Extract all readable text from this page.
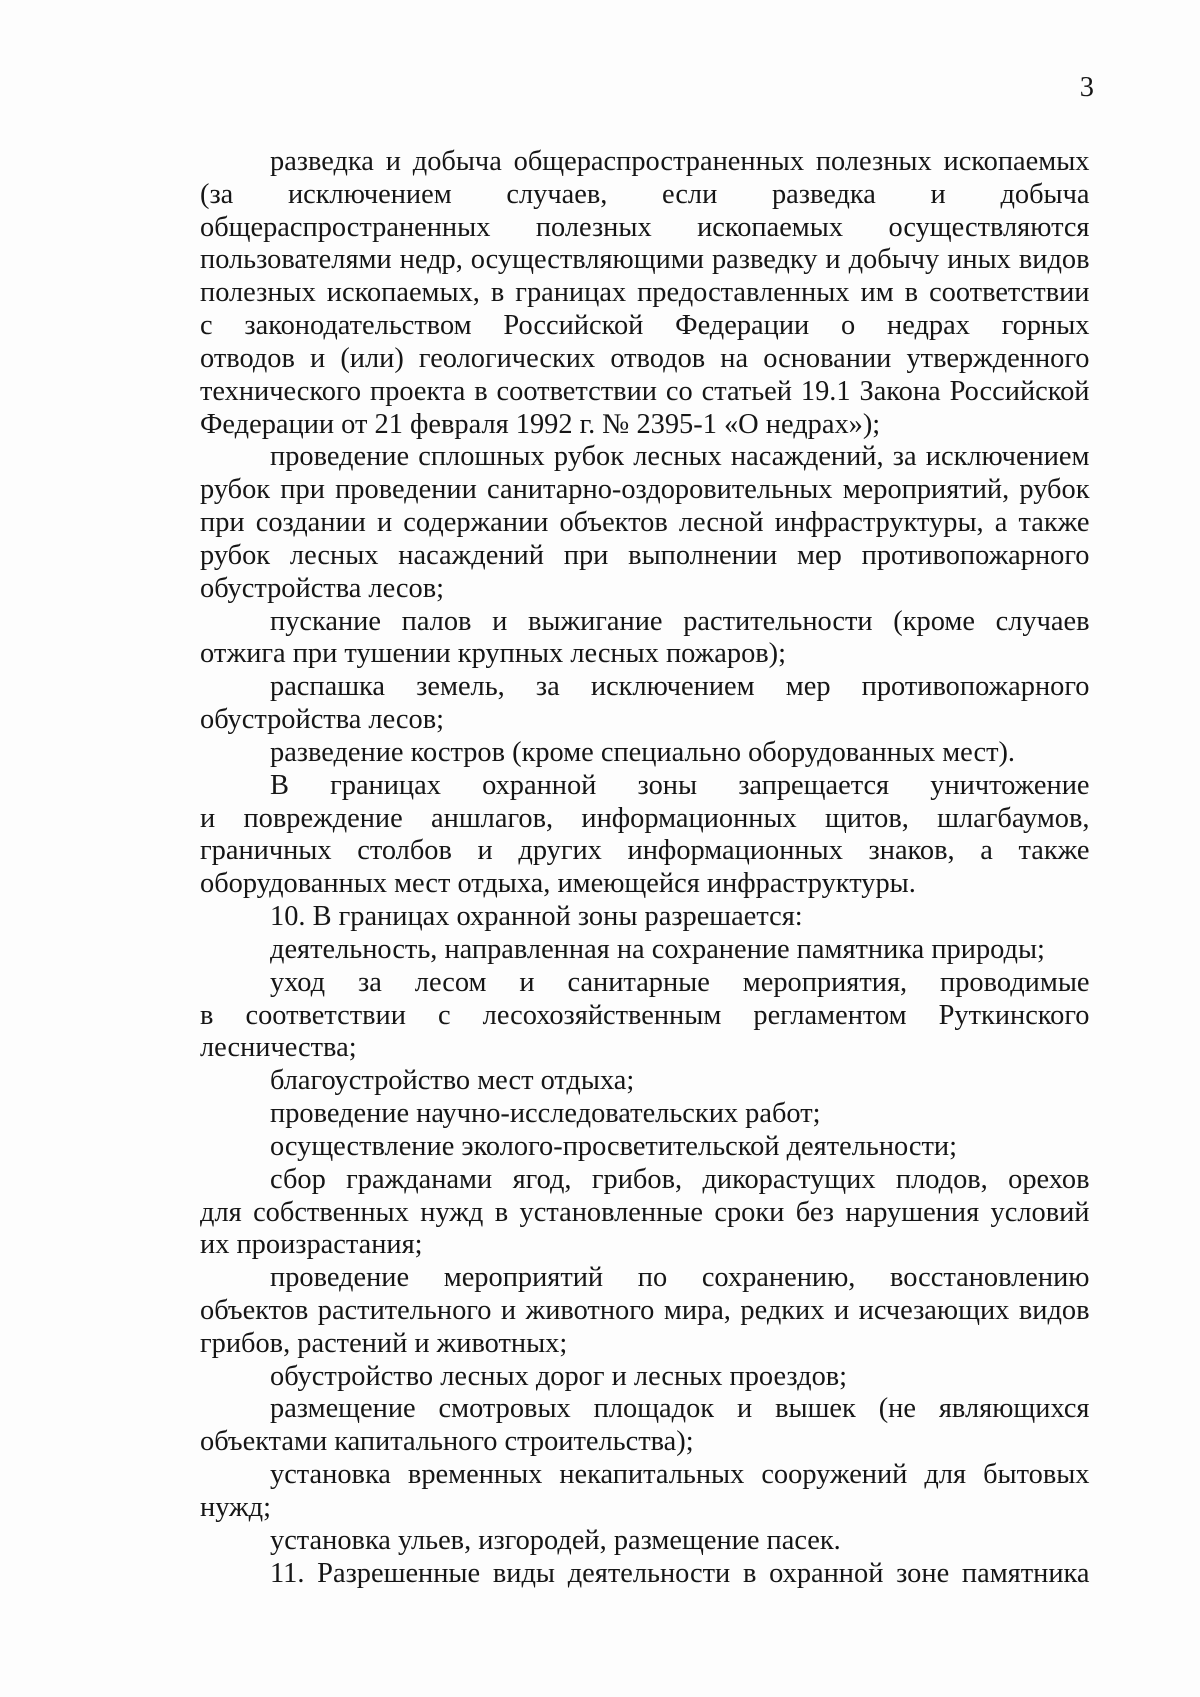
3
разведка и добыча общераспространенных полезных ископаемых
(за исключением случаев, если разведка и добыча
общераспространенных полезных ископаемых осуществляются
пользователями недр, осуществляющими разведку и добычу иных видов
полезных ископаемых, в границах предоставленных им в соответствии
с законодательством Российской Федерации о недрах горных
отводов и (или) геологических отводов на основании утвержденного
технического проекта в соответствии со статьей 19.1 Закона Российской
Федерации от 21 февраля 1992 г. № 2395-1 «О недрах»);
проведение сплошных рубок лесных насаждений, за исключением
рубок при проведении санитарно-оздоровительных мероприятий, рубок
при создании и содержании объектов лесной инфраструктуры, а также
рубок лесных насаждений при выполнении мер противопожарного
обустройства лесов;
пускание палов и выжигание растительности (кроме случаев
отжига при тушении крупных лесных пожаров);
распашка земель, за исключением мер противопожарного
обустройства лесов;
разведение костров (кроме специально оборудованных мест).
В границах охранной зоны запрещается уничтожение
и повреждение аншлагов, информационных щитов, шлагбаумов,
граничных столбов и других информационных знаков, а также
оборудованных мест отдыха, имеющейся инфраструктуры.
10. В границах охранной зоны разрешается:
деятельность, направленная на сохранение памятника природы;
уход за лесом и санитарные мероприятия, проводимые
в соответствии с лесохозяйственным регламентом Руткинского
лесничества;
благоустройство мест отдыха;
проведение научно-исследовательских работ;
осуществление эколого-просветительской деятельности;
сбор гражданами ягод, грибов, дикорастущих плодов, орехов
для собственных нужд в установленные сроки без нарушения условий
их произрастания;
проведение мероприятий по сохранению, восстановлению
объектов растительного и животного мира, редких и исчезающих видов
грибов, растений и животных;
обустройство лесных дорог и лесных проездов;
размещение смотровых площадок и вышек (не являющихся
объектами капитального строительства);
установка временных некапитальных сооружений для бытовых
нужд;
установка ульев, изгородей, размещение пасек.
11. Разрешенные виды деятельности в охранной зоне памятника
